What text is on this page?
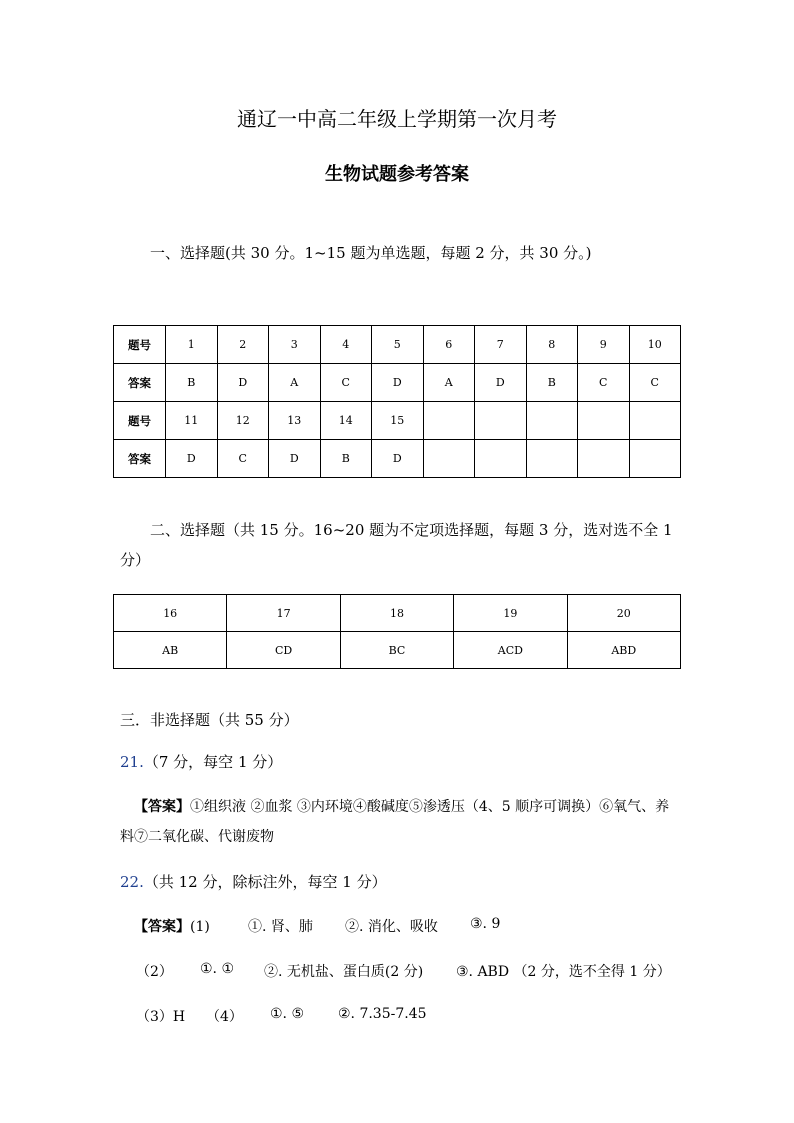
通辽一中高二年级上学期第一次月考
生物试题参考答案
一、选择题(共 30 分。1~15 题为单选题，每题 2 分，共 30 分。)
题号	1	2	3	4	5	6	7	8	9	10
答案	B	D	A	C	D	A	D	B	C	C
题号	11	12	13	14	15					
答案	D	C	D	B	D					
二、选择题（共 15 分。16~20 题为不定项选择题，每题 3 分，选对选不全 1
分）
16	17	18	19	20
AB	CD	BC	ACD	ABD
三．非选择题（共 55 分）
21.（7 分，每空 1 分）
【答案】①组织液 ②血浆 ③内环境④酸碱度⑤渗透压（4、5 顺序可调换）⑥氧气、养
料⑦二氧化碳、代谢废物
22.（共 12 分，除标注外，每空 1 分）
【答案】(1)	①. 肾、肺 ②. 消化、吸收 ③. 9
（2） ①. ① ②. 无机盐、蛋白质(2 分) ③. ABD （2 分，选不全得 1 分）
（3）H （4） ①. ⑤ ②. 7.35-7.45
